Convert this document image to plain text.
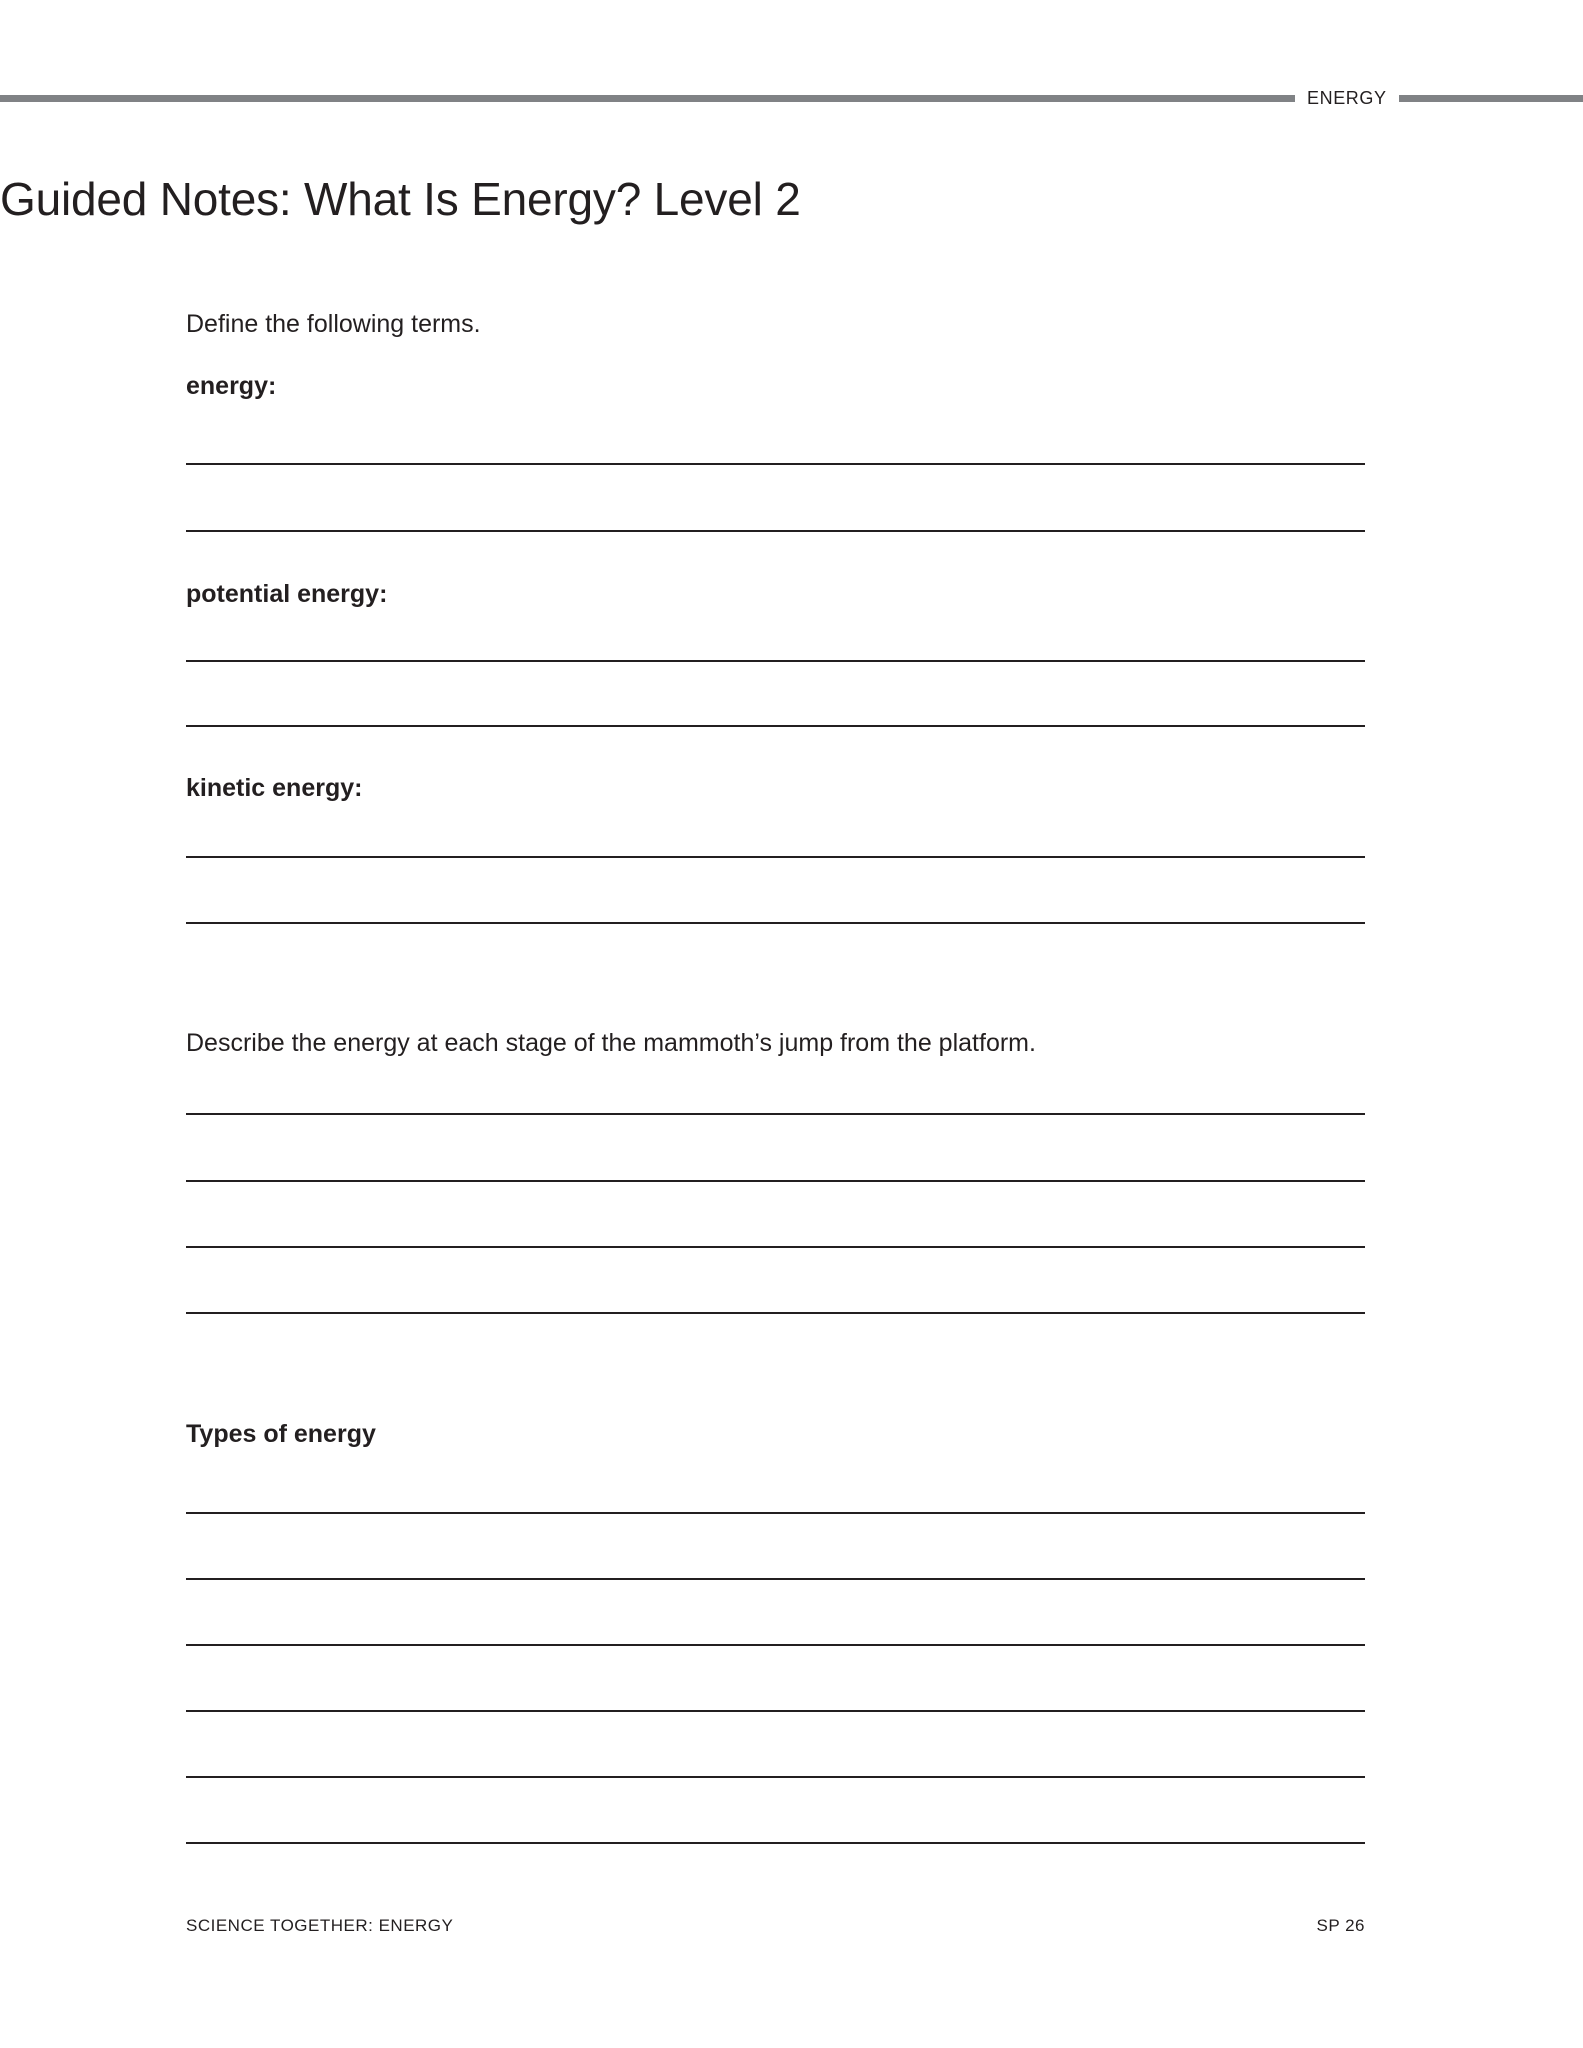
ENERGY
Guided Notes: What Is Energy? Level 2
Define the following terms.
energy:
potential energy:
kinetic energy:
Describe the energy at each stage of the mammoth’s jump from the platform.
Types of energy
SCIENCE TOGETHER: ENERGY	SP 26
